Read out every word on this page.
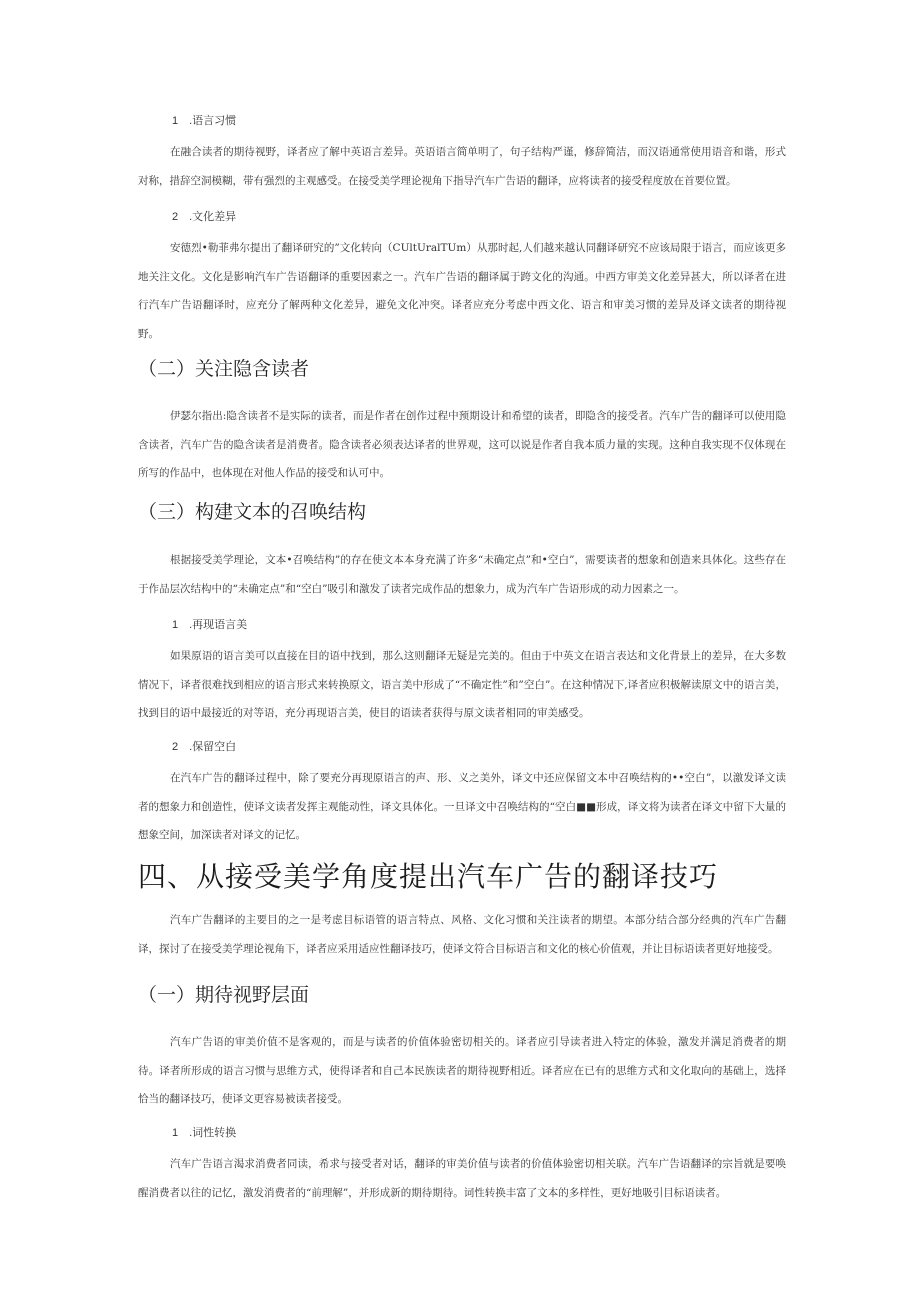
1 .语言习惯

在融合读者的期待视野，译者应了解中英语言差异。英语语言简单明了，句子结构严谨，修辞简洁，而汉语通常使用语音和谐，形式对称，措辞空洞模糊，带有强烈的主观感受。在接受美学理论视角下指导汽车广告语的翻译，应将读者的接受程度放在首要位置。

2 .文化差异

安德烈•勒菲弗尔提出了翻译研究的”文化转向（CUltUralTUm）从那时起,人们越来越认同翻译研究不应该局限于语言，而应该更多地关注文化。文化是影响汽车广告语翻译的重要因素之一。汽车广告语的翻译属于跨文化的沟通。中西方审美文化差异甚大，所以译者在进行汽车广告语翻译时，应充分了解两种文化差异，避免文化冲突。译者应充分考虑中西文化、语言和审美习惯的差异及译文读者的期待视野。

（二）关注隐含读者

伊瑟尔指出:隐含读者不是实际的读者，而是作者在创作过程中预期设计和希望的读者，即隐含的接受者。汽车广告的翻译可以使用隐含读者，汽车广告的隐含读者是消费者。隐含读者必须表达译者的世界观，这可以说是作者自我本质力量的实现。这种自我实现不仅体现在所写的作品中，也体现在对他人作品的接受和认可中。

（三）构建文本的召唤结构

根据接受美学理论，文本•召唤结构”的存在使文本本身充满了许多“未确定点”和•空白”，需要读者的想象和创造来具体化。这些存在于作品层次结构中的“未确定点”和“空白”吸引和激发了读者完成作品的想象力，成为汽车广告语形成的动力因素之一。

1 .再现语言美

如果原语的语言美可以直接在目的语中找到，那么这则翻译无疑是完美的。但由于中英文在语言表达和文化背景上的差异，在大多数情况下，译者很难找到相应的语言形式来转换原文，语言美中形成了“不确定性”和”空白”。在这种情况下,译者应积极解读原文中的语言美，找到目的语中最接近的对等语，充分再现语言美，使目的语读者获得与原文读者相同的审美感受。

2 .保留空白

在汽车广告的翻译过程中，除了要充分再现原语言的声、形、义之美外，译文中还应保留文本中召唤结构的••空白”，以激发译文读者的想象力和创造性，使译文读者发挥主观能动性，译文具体化。一旦译文中召唤结构的“空白■■形成，译文将为读者在译文中留下大量的想象空间，加深读者对译文的记忆。

四、从接受美学角度提出汽车广告的翻译技巧

汽车广告翻译的主要目的之一是考虑目标语管的语言特点、风格、文化习惯和关注读者的期望。本部分结合部分经典的汽车广告翻译，探讨了在接受美学理论视角下，译者应采用适应性翻译技巧，使译文符合目标语言和文化的核心价值观，并让目标语读者更好地接受。

（一）期待视野层面

汽车广告语的审美价值不是客观的，而是与读者的价值体验密切相关的。译者应引导读者进入特定的体验，激发并满足消费者的期待。译者所形成的语言习惯与思维方式，使得译者和自己本民族读者的期待视野相近。译者应在已有的思维方式和文化取向的基础上，选择恰当的翻译技巧，使译文更容易被读者接受。

1 .词性转换

汽车广告语言渴求消费者同读，希求与接受者对话，翻译的审美价值与读者的价值体验密切相关联。汽车广告语翻译的宗旨就是要唤醒消费者以往的记忆，激发消费者的“前理解”，并形成新的期待期待。词性转换丰富了文本的多样性，更好地吸引目标语读者。
